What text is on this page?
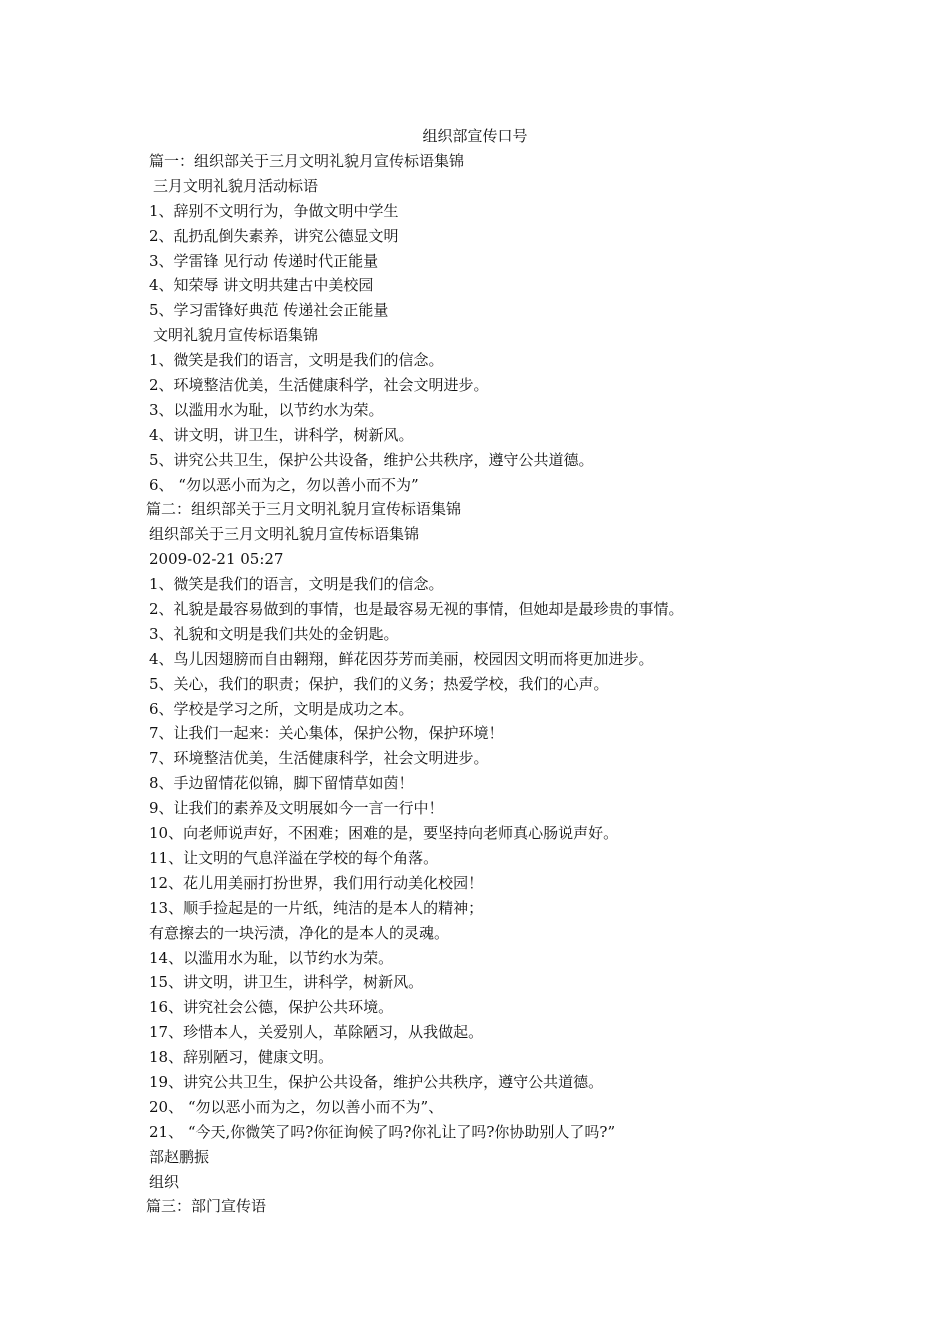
组织部宣传口号
篇一：组织部关于三月文明礼貌月宣传标语集锦
三月文明礼貌月活动标语
1、辞别不文明行为，争做文明中学生
2、乱扔乱倒失素养，讲究公德显文明
3、学雷锋 见行动 传递时代正能量
4、知荣辱 讲文明共建古中美校园
5、学习雷锋好典范 传递社会正能量
文明礼貌月宣传标语集锦
1、微笑是我们的语言，文明是我们的信念。
2、环境整洁优美，生活健康科学，社会文明进步。
3、以滥用水为耻，以节约水为荣。
4、讲文明，讲卫生，讲科学，树新风。
5、讲究公共卫生，保护公共设备，维护公共秩序，遵守公共道德。
6、 “勿以恶小而为之，勿以善小而不为”
篇二：组织部关于三月文明礼貌月宣传标语集锦
组织部关于三月文明礼貌月宣传标语集锦
2009-02-21 05:27
1、微笑是我们的语言，文明是我们的信念。
2、礼貌是最容易做到的事情，也是最容易无视的事情，但她却是最珍贵的事情。
3、礼貌和文明是我们共处的金钥匙。
4、鸟儿因翅膀而自由翱翔，鲜花因芬芳而美丽，校园因文明而将更加进步。
5、关心，我们的职责；保护，我们的义务；热爱学校，我们的心声。
6、学校是学习之所，文明是成功之本。
7、让我们一起来：关心集体，保护公物，保护环境！
7、环境整洁优美，生活健康科学，社会文明进步。
8、手边留情花似锦，脚下留情草如茵！
9、让我们的素养及文明展如今一言一行中！
10、向老师说声好，不困难；困难的是，要坚持向老师真心肠说声好。
11、让文明的气息洋溢在学校的每个角落。
12、花儿用美丽打扮世界，我们用行动美化校园！
13、顺手捡起是的一片纸，纯洁的是本人的精神；
有意擦去的一块污渍，净化的是本人的灵魂。
14、以滥用水为耻，以节约水为荣。
15、讲文明，讲卫生，讲科学，树新风。
16、讲究社会公德，保护公共环境。
17、珍惜本人，关爱别人，革除陋习，从我做起。
18、辞别陋习，健康文明。
19、讲究公共卫生，保护公共设备，维护公共秩序，遵守公共道德。
20、 “勿以恶小而为之，勿以善小而不为”、
21、 “今天,你微笑了吗?你征询候了吗?你礼让了吗?你协助别人了吗?”
部赵鹏振
组织
篇三：部门宣传语
